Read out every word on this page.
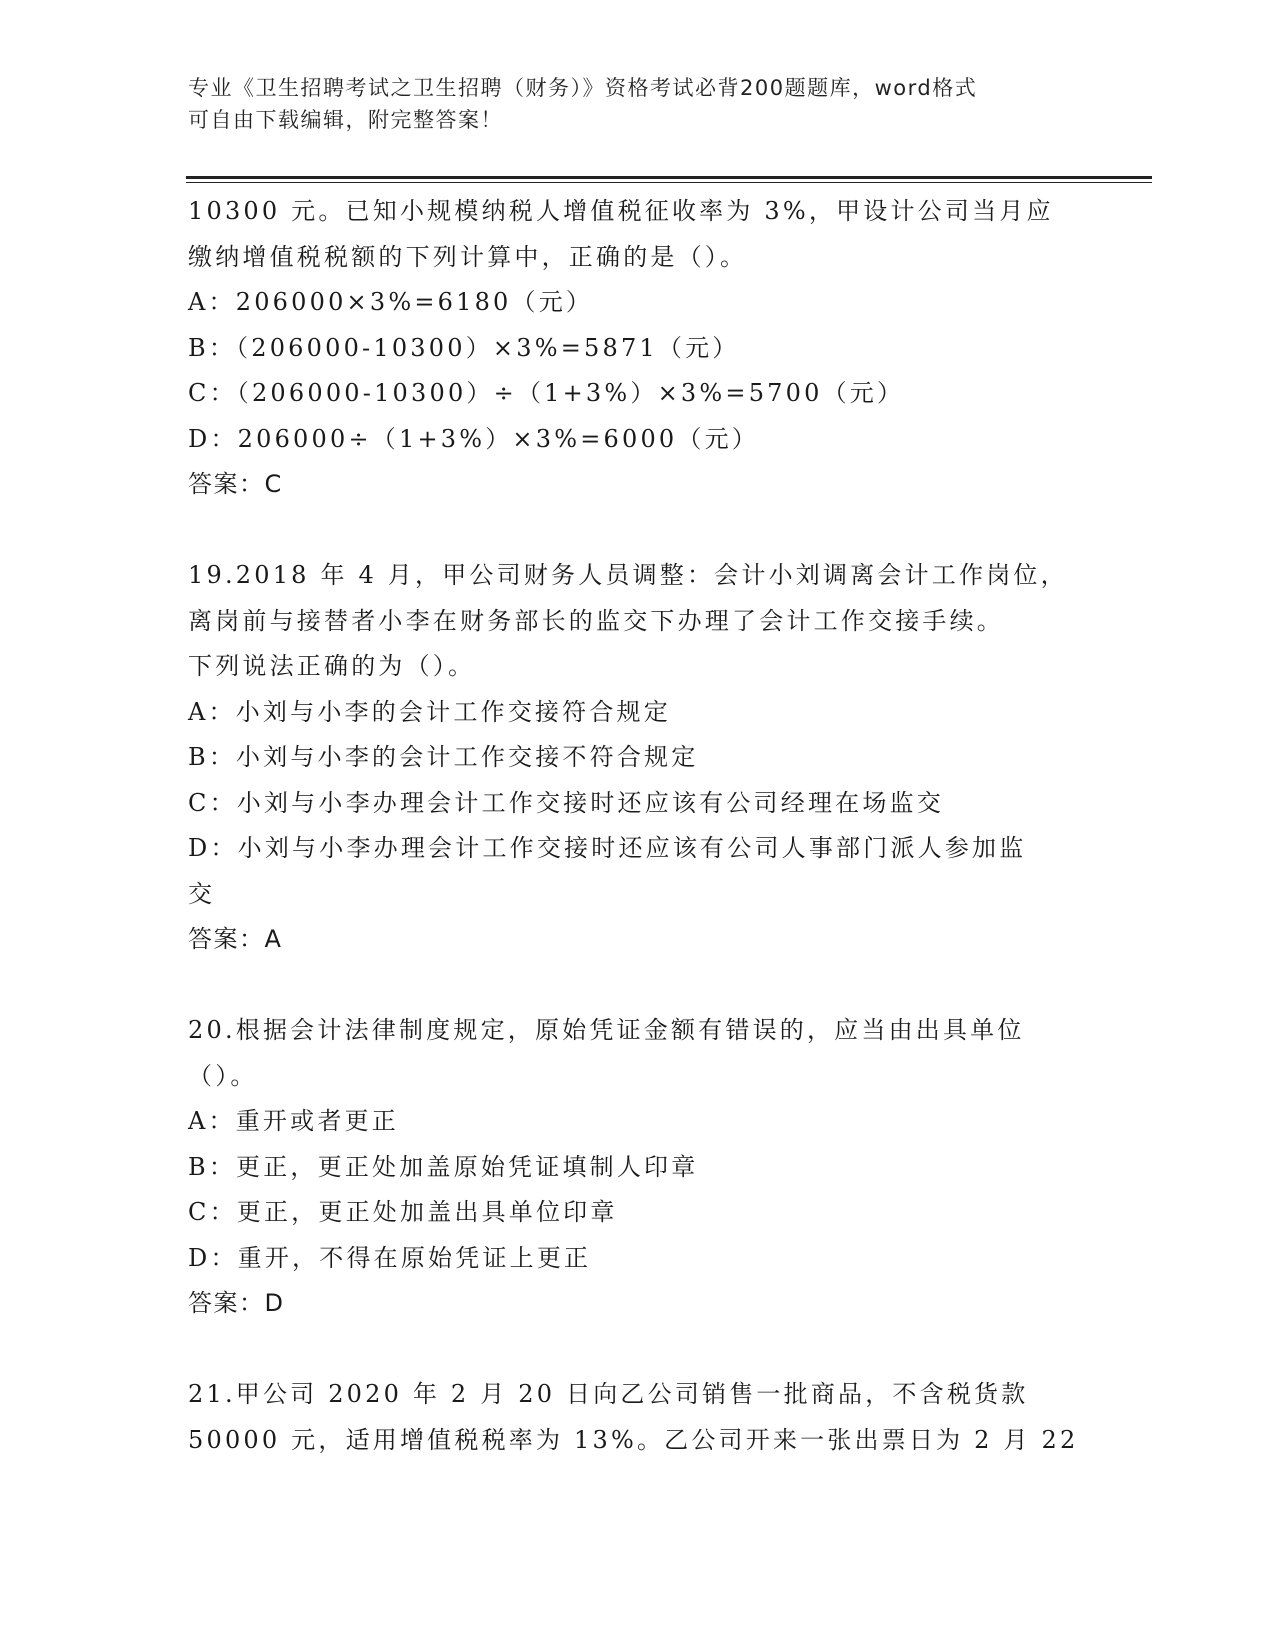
专业《卫生招聘考试之卫生招聘（财务）》资格考试必背200题题库，word格式
可自由下载编辑，附完整答案！
10300 元。已知小规模纳税人增值税征收率为 3%，甲设计公司当月应
缴纳增值税税额的下列计算中，正确的是（）。
A：206000×3%=6180（元）
B：（206000-10300）×3%=5871（元）
C：（206000-10300）÷（1+3%）×3%=5700（元）
D：206000÷（1+3%）×3%=6000（元）
答案：C
19.2018 年 4 月，甲公司财务人员调整：会计小刘调离会计工作岗位，
离岗前与接替者小李在财务部长的监交下办理了会计工作交接手续。
下列说法正确的为（）。
A：小刘与小李的会计工作交接符合规定
B：小刘与小李的会计工作交接不符合规定
C：小刘与小李办理会计工作交接时还应该有公司经理在场监交
D：小刘与小李办理会计工作交接时还应该有公司人事部门派人参加监
交
答案：A
20.根据会计法律制度规定，原始凭证金额有错误的，应当由出具单位
（）。
A：重开或者更正
B：更正，更正处加盖原始凭证填制人印章
C：更正，更正处加盖出具单位印章
D：重开，不得在原始凭证上更正
答案：D
21.甲公司 2020 年 2 月 20 日向乙公司销售一批商品，不含税货款
50000 元，适用增值税税率为 13%。乙公司开来一张出票日为 2 月 22
